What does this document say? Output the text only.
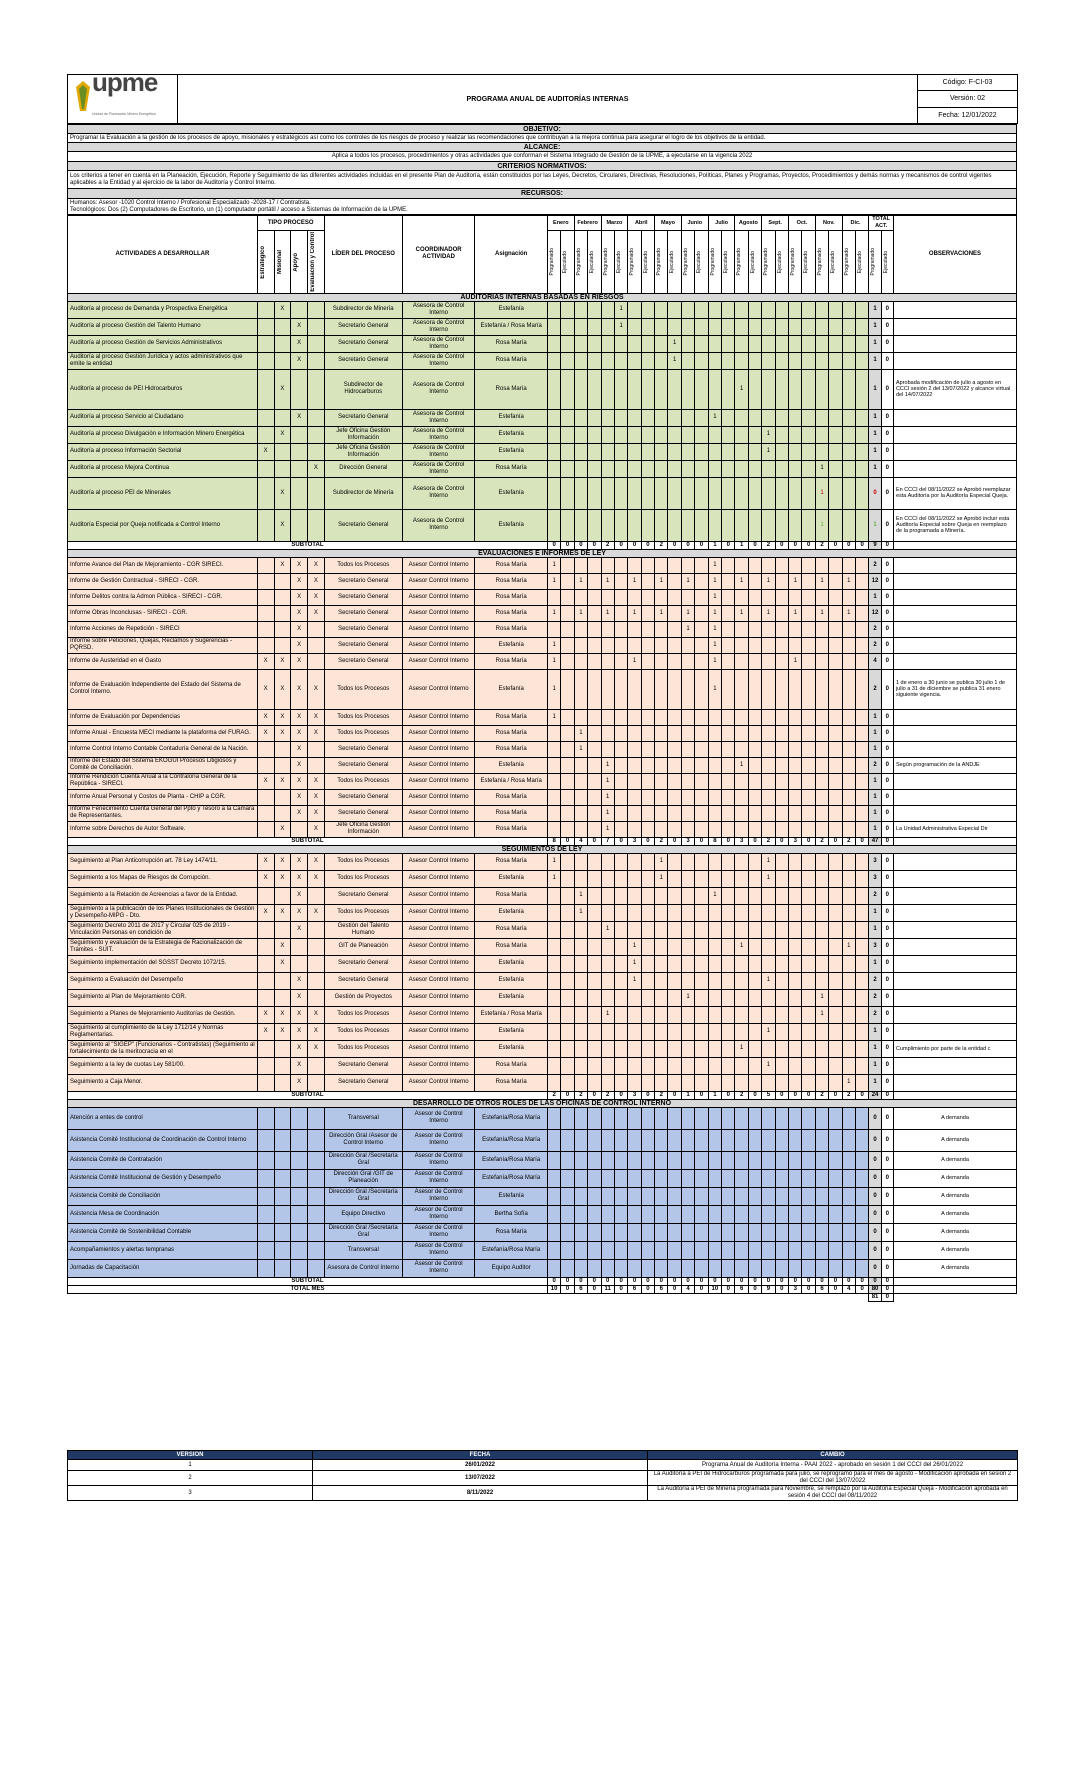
upme
Unidad de Planeación Minero Energética
	PROGRAMA ANUAL DE AUDITORÍAS INTERNAS	Código: F-CI-03
Versión: 02
Fecha: 12/01/2022
OBJETIVO:
Programar la Evaluación a la gestión de los procesos de apoyo, misionales y estratégicos así como los controles de los riesgos de proceso y realizar las recomendaciones que contribuyan a la mejora continua para asegurar el logro de los objetivos de la entidad.
ALCANCE:
Aplica a todos los procesos, procedimientos y otras actividades que conforman el Sistema Integrado de Gestión de la UPME, a ejecutarse en la vigencia 2022
CRITERIOS NORMATIVOS:
Los criterios a tener en cuenta en la Planeación, Ejecución, Reporte y Seguimiento de las diferentes actividades incluidas en el presente Plan de Auditoría, están constituidos por las Leyes, Decretos, Circulares, Directivas, Resoluciones, Políticas, Planes y Programas, Proyectos, Procedimientos y demás normas y mecanismos de control vigentes aplicables a la Entidad y al ejercicio de la labor de Auditoría y Control Interno.
RECURSOS:

Humanos: Asesor -1020 Control Interno / Profesional Especializado -2028-17 / Contratista.
Tecnológicos: Dos (2) Computadores de Escritorio, un (1) computador portátil / acceso a Sistemas de Información de la UPME.
ACTIVIDADES A DESARROLLAR	TIPO PROCESO				LÍDER DEL PROCESO	COORDINADOR ACTIVIDAD	Asignación	Enero		Febrero		Marzo		Abril		Mayo		Junio		Julio		Agosto		Sept.		Oct.		Nov.		Dic.		TOTAL ACT.		OBSERVACIONES

	Estratégico	Misional	Apoyo	Evaluación y Control				Programado	Ejecutado	Programado	Ejecutado	Programado	Ejecutado	Programado	Ejecutado	Programado	Ejecutado	Programado	Ejecutado	Programado	Ejecutado	Programado	Ejecutado	Programado	Ejecutado	Programado	Ejecutado	Programado	Ejecutado	Programado	Ejecutado	Programado	Ejecutado	

AUDITORIAS INTERNAS BASADAS EN RIESGOS																																		
Auditoría al proceso de Demanda y Prospectiva Energética		X			Subdirector de Minería	Asesora de Control Interno	Estefanía						1																			1	0	
Auditoría al proceso Gestión del Talento Humano			X		Secretario General	Asesora de Control Interno	Estefanía / Rosa María						1																			1	0	
Auditoría al proceso Gestión de Servicios Administrativos			X		Secretario General	Asesora de Control Interno	Rosa María										1															1	0	
Auditoría al proceso Gestión Jurídica y actos administrativos que emite la entidad			X		Secretario General	Asesora de Control Interno	Rosa María										1															1	0	
Auditoría al proceso de PEI Hidrocarburos		X			Subdirector de Hidrocarburos	Asesora de Control Interno	Rosa María															1										1	0	Aprobada modificación de julio a agosto en CCCI sesión 2 del 13/07/2022 y alcance virtual del 14/07/2022
Auditoría al proceso Servicio al Ciudadano			X		Secretario General	Asesora de Control Interno	Estefanía													1												1	0	
Auditoría al proceso Divulgación e Información Minero Energética		X			Jefe Oficina Gestión Información	Asesora de Control Interno	Estefanía																	1								1	0	
Auditoría al proceso Información Sectorial	X				Jefe Oficina Gestión Información	Asesora de Control Interno	Estefanía																	1								1	0	
Auditoría al proceso Mejora Continua				X	Dirección General	Asesora de Control Interno	Rosa María																					1				1	0	
Auditoría al proceso PEI de Minerales		X			Subdirector de Minería	Asesora de Control Interno	Estefanía																					1				0	0	En CCCI del 08/11/2022 se Aprobó reemplazar esta Auditoría por la Auditoría Especial Queja.
Auditoría Especial por Queja notificada a Control Interno		X			Secretario General	Asesora de Control Interno	Estefanía																					1				1	0	En CCCI del 08/11/2022 se Aprobó incluir esta Auditoría Especial sobre Queja en reemplazo de la programada a Minería.
SUBTOTAL								0	0	0	0	2	0	0	0	2	0	0	0	1	0	1	0	2	0	0	0	2	0	0	0	9	0	
EVALUACIONES E INFORMES DE LEY																																		
Informe Avance del Plan de Mejoramiento - CGR SIRECI.		X	X	X	Todos los Procesos	Asesor Control Interno	Rosa María	1												1												2	0	
Informe de Gestión Contractual - SIRECI - CGR.			X	X	Secretario General	Asesor Control Interno	Rosa María	1		1		1		1		1		1		1		1		1		1		1		1		12	0	
Informe Delitos contra la Admon Pública - SIRECI - CGR.			X	X	Secretario General	Asesor Control Interno	Rosa María													1												1	0	
Informe Obras Inconclusas - SIRECI - CGR.			X	X	Secretario General	Asesor Control Interno	Rosa María	1		1		1		1		1		1		1		1		1		1		1		1		12	0	
Informe Acciones de Repetición - SIRECI			X		Secretario General	Asesor Control Interno	Rosa María											1		1												2	0	
Informe sobre Peticiones, Quejas, Reclamos y Sugerencias - PQRSD.			X		Secretario General	Asesor Control Interno	Estefanía	1												1												2	0	
Informe de Austeridad en el Gasto	X	X	X		Secretario General	Asesor Control Interno	Rosa María	1						1						1						1						4	0	
Informe de Evaluación Independiente del Estado del Sistema de Control Interno.	X	X	X	X	Todos los Procesos	Asesor Control Interno	Estefanía	1												1												2	0	1 de enero a 30 junio se publica 30 julio 1 de julio a 31 de diciembre se publica 31 enero siguiente vigencia.
Informe de Evaluación por Dependencias	X	X	X	X	Todos los Procesos	Asesor Control Interno	Rosa María	1																								1	0	
Informe Anual - Encuesta MECI mediante la plataforma del FURAG.	X	X	X	X	Todos los Procesos	Asesor Control Interno	Rosa María			1																						1	0	
Informe Control Interno Contable Contaduría General de la Nación.			X		Secretario General	Asesor Control Interno	Rosa María			1																						1	0	
Informe del Estado del Sistema EKOGUI Procesos Litigiosos y Comité de Conciliación.			X		Secretario General	Asesor Control Interno	Estefanía					1										1										2	0	Según programación de la ANDJE
Informe Rendición Cuenta Anual a la Contraloría General de la República - SIRECI.	X	X	X	X	Todos los Procesos	Asesor Control Interno	Estefanía / Rosa María					1																				1	0	
Informe Anual Personal y Costos de Planta - CHIP a CGR.			X	X	Secretario General	Asesor Control Interno	Rosa María					1																				1	0	
Informe Fenecimiento Cuenta General del Ppto y Tesoro a la Cámara de Representantes.			X	X	Secretario General	Asesor Control Interno	Rosa María					1																				1	0	
Informe sobre Derechos de Autor Software.		X		X	Jefe Oficina Gestión Información	Asesor Control Interno	Rosa María					1																				1	0	La Unidad Administrativa Especial Dir
SUBTOTAL								8	0	4	0	7	0	3	0	2	0	3	0	8	0	3	0	2	0	3	0	2	0	2	0	47	0	
SEGUIMIENTOS DE LEY																																		
Seguimiento al Plan Anticorrupción art. 78 Ley 1474/11.	X	X	X	X	Todos los Procesos	Asesor Control Interno	Rosa María	1								1								1								3	0	
Seguimiento a los Mapas de Riesgos de Corrupción.	X	X	X	X	Todos los Procesos	Asesor Control Interno	Estefanía	1								1								1								3	0	
Seguimiento a la Relación de Acreencias a favor de la Entidad.			X		Secretario General	Asesor Control Interno	Rosa María			1										1												2	0	
Seguimiento a la publicación de los Planes Institucionales de Gestión y Desempeño-MIPG - Dto.	X	X	X	X	Todos los Procesos	Asesor Control Interno	Estefanía			1																						1	0	
Seguimiento Decreto 2011 de 2017 y Circular 025 de 2019 - Vinculación Personas en condición de			X		Gestión del Talento Humano	Asesor Control Interno	Rosa María					1																				1	0	
Seguimiento y evaluación de la Estrategia de Racionalización de Trámites - SUIT.		X			GIT de Planeación	Asesor Control Interno	Rosa María							1								1								1		3	0	
Seguimiento implementación del SGSST Decreto 1072/15.		X			Secretario General	Asesor Control Interno	Estefanía							1																		1	0	
Seguimiento a Evaluación del Desempeño			X		Secretario General	Asesor Control Interno	Estefanía							1										1								2	0	
Seguimiento al Plan de Mejoramiento CGR.			X		Gestión de Proyectos	Asesor Control Interno	Estefanía											1										1				2	0	
Seguimiento a Planes de Mejoramiento Auditorías de Gestión.	X	X	X	X	Todos los Procesos	Asesor Control Interno	Estefanía / Rosa María					1																1				2	0	
Seguimiento al cumplimiento de la Ley 1712/14 y Normas Reglamentarias.	X	X	X	X	Todos los Procesos	Asesor Control Interno	Estefanía																	1								1	0	
Seguimiento al "SIGEP" (Funcionarios - Contratistas) (Seguimiento al fortalecimiento de la meritocracia en el			X	X	Todos los Procesos	Asesor Control Interno	Estefanía															1										1	0	Cumplimiento por parte de la entidad c
Seguimiento a la ley de cuotas Ley 581/00.			X		Secretario General	Asesor Control Interno	Rosa María																	1								1	0	
Seguimiento a Caja Menor.			X		Secretario General	Asesor Control Interno	Rosa María																							1		1	0	
SUBTOTAL								2	0	2	0	2	0	3	0	2	0	1	0	1	0	2	0	5	0	0	0	2	0	2	0	24	0	
DESARROLLO DE OTROS ROLES DE LAS OFICINAS DE CONTROL INTERNO																																		
Atención a entes de control					Transversal	Asesor de Control Interno	Estefanía/Rosa María																									0	0	A demanda
Asistencia Comité Institucional de Coordinación de Control Interno					Dirección Gral /Asesor de Control Interno	Asesor de Control Interno	Estefanía/Rosa María																									0	0	A demanda
Asistencia Comité de Contratación					Dirección Gral /Secretaría Gral	Asesor de Control Interno	Estefanía/Rosa María																									0	0	A demanda
Asistencia Comité Institucional de Gestión y Desempeño					Dirección Gral /GIT de Planeación	Asesor de Control Interno	Estefanía/Rosa María																									0	0	A demanda
Asistencia Comité de Conciliación					Dirección Gral /Secretaría Gral	Asesor de Control Interno	Estefanía																									0	0	A demanda
Asistencia Mesa de Coordinación					Equipo Directivo	Asesor de Control Interno	Bertha Sofía																									0	0	A demanda
Asistencia Comité de Sostenibilidad Contable					Dirección Gral /Secretaría Gral	Asesor de Control Interno	Rosa María																									0	0	A demanda
Acompañamientos y alertas tempranas					Transversal	Asesor de Control Interno	Estefanía/Rosa María																									0	0	A demanda
Jornadas de Capacitación					Asesora de Control Interno	Asesor de Control Interno	Equipo Auditor																									0	0	A demanda
SUBTOTAL								0	0	0	0	0	0	0	0	0	0	0	0	0	0	0	0	0	0	0	0	0	0	0	0	0	0	
TOTAL MES								10	0	6	0	11	0	6	0	6	0	4	0	10	0	6	0	9	0	3	0	6	0	4	0	80	0	
																																81	0	
VERSIÓN	FECHA	CAMBIO
1	26/01/2022	Programa Anual de Auditoría Interna - PAAI 2022 - aprobado en sesión 1 del CCCI del 26/01/2022
2	13/07/2022	La Auditoría a PEI de Hidrocarburos programada para julio, se reprogramó para el mes de agosto - Modificación aprobada en sesión 2 del CCCI del 13/07/2022
3	8/11/2022	La Auditoría a PEI de Minería programada para Noviembre, se remplazó por la Auditoria Especial Queja - Modificación aprobada en sesión 4 del CCCI del 08/11/2022
